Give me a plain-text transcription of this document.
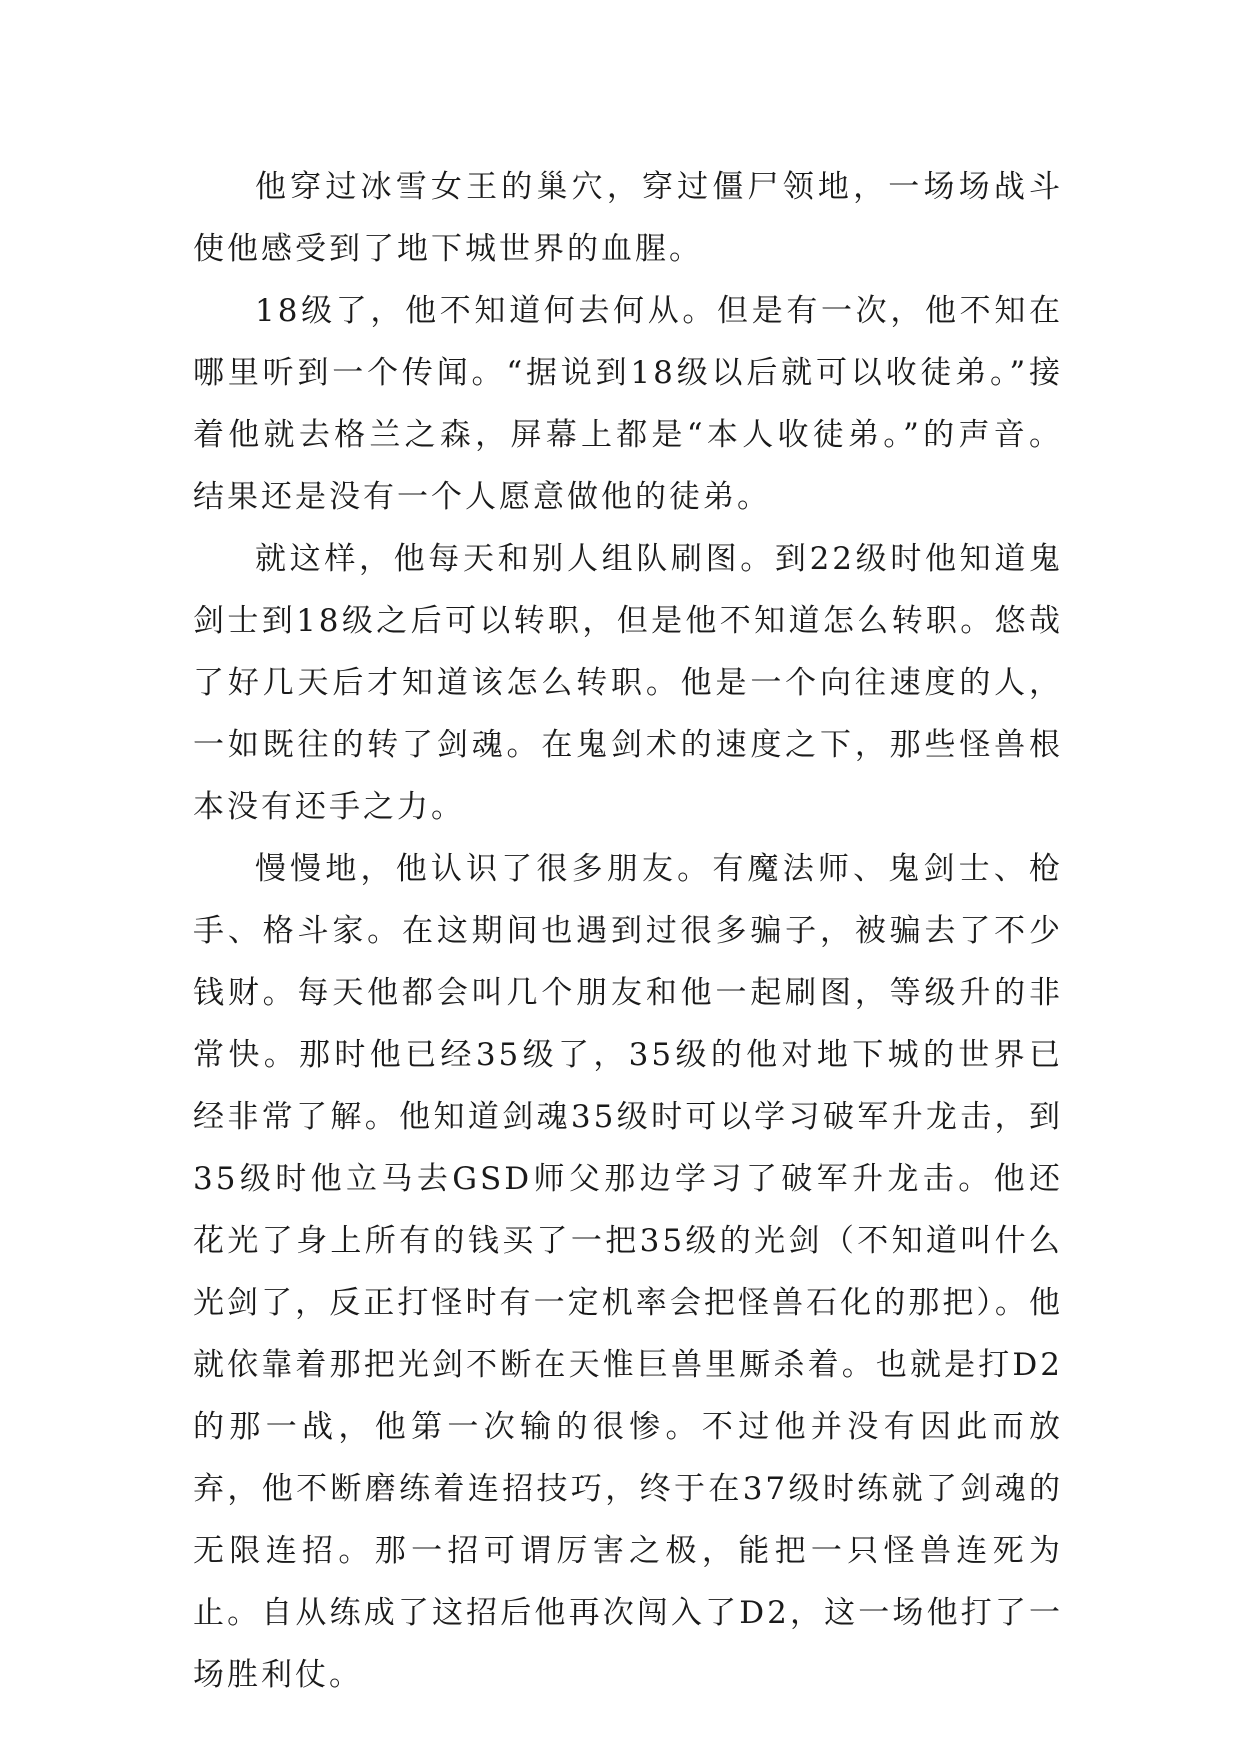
他穿过冰雪女王的巢穴，穿过僵尸领地，一场场战斗使他感受到了地下城世界的血腥。

18级了，他不知道何去何从。但是有一次，他不知在哪里听到一个传闻。“据说到18级以后就可以收徒弟。”接着他就去格兰之森，屏幕上都是“本人收徒弟。”的声音。结果还是没有一个人愿意做他的徒弟。

就这样，他每天和别人组队刷图。到22级时他知道鬼剑士到18级之后可以转职，但是他不知道怎么转职。悠哉了好几天后才知道该怎么转职。他是一个向往速度的人，一如既往的转了剑魂。在鬼剑术的速度之下，那些怪兽根本没有还手之力。

慢慢地，他认识了很多朋友。有魔法师、鬼剑士、枪手、格斗家。在这期间也遇到过很多骗子，被骗去了不少钱财。每天他都会叫几个朋友和他一起刷图，等级升的非常快。那时他已经35级了，35级的他对地下城的世界已经非常了解。他知道剑魂35级时可以学习破军升龙击，到35级时他立马去GSD师父那边学习了破军升龙击。他还花光了身上所有的钱买了一把35级的光剑（不知道叫什么光剑了，反正打怪时有一定机率会把怪兽石化的那把）。他就依靠着那把光剑不断在天惟巨兽里厮杀着。也就是打D2的那一战，他第一次输的很惨。不过他并没有因此而放弃，他不断磨练着连招技巧，终于在37级时练就了剑魂的无限连招。那一招可谓厉害之极，能把一只怪兽连死为止。自从练成了这招后他再次闯入了D2，这一场他打了一场胜利仗。
